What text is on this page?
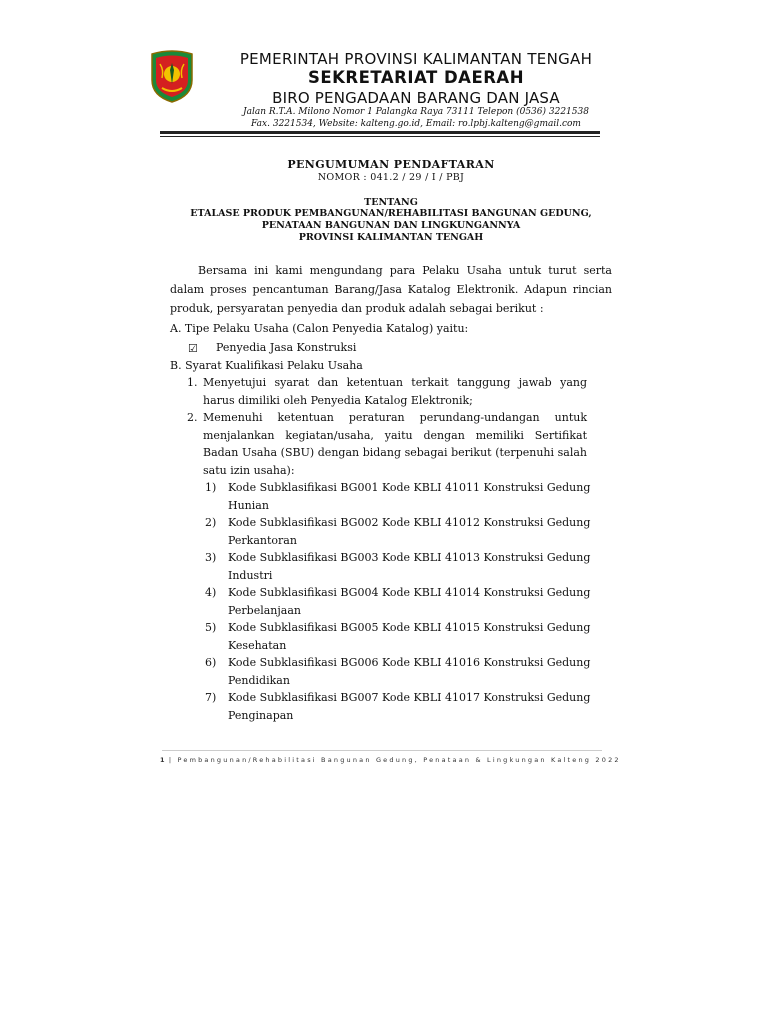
PEMERINTAH PROVINSI KALIMANTAN TENGAH
SEKRETARIAT DAERAH
BIRO PENGADAAN BARANG DAN JASA
Jalan R.T.A. Milono Nomor 1 Palangka Raya 73111 Telepon (0536) 3221538
Fax. 3221534, Website: kalteng.go.id, Email: ro.lpbj.kalteng@gmail.com
PENGUMUMAN PENDAFTARAN
NOMOR : 041.2 / 29 / I / PBJ
TENTANG
ETALASE PRODUK PEMBANGUNAN/REHABILITASI BANGUNAN GEDUNG,
PENATAAN BANGUNAN DAN LINGKUNGANNYA
PROVINSI KALIMANTAN TENGAH

Bersama ini kami mengundang para Pelaku Usaha untuk turut serta dalam proses pencantuman Barang/Jasa Katalog Elektronik. Adapun rincian produk, persyaratan penyedia dan produk adalah sebagai berikut :

A. Tipe Pelaku Usaha (Calon Penyedia Katalog) yaitu:
☑ Penyedia Jasa Konstruksi
B. Syarat Kualifikasi Pelaku Usaha
1. Menyetujui syarat dan ketentuan terkait tanggung jawab yang harus dimiliki oleh Penyedia Katalog Elektronik;
2. Memenuhi ketentuan peraturan perundang-undangan untuk menjalankan kegiatan/usaha, yaitu dengan memiliki Sertifikat Badan Usaha (SBU) dengan bidang sebagai berikut (terpenuhi salah satu izin usaha):
1) Kode Subklasifikasi BG001 Kode KBLI 41011 Konstruksi Gedung
Hunian
2) Kode Subklasifikasi BG002 Kode KBLI 41012 Konstruksi Gedung
Perkantoran
3) Kode Subklasifikasi BG003 Kode KBLI 41013 Konstruksi Gedung
Industri
4) Kode Subklasifikasi BG004 Kode KBLI 41014 Konstruksi Gedung
Perbelanjaan
5) Kode Subklasifikasi BG005 Kode KBLI 41015 Konstruksi Gedung
Kesehatan
6) Kode Subklasifikasi BG006 Kode KBLI 41016 Konstruksi Gedung
Pendidikan
7) Kode Subklasifikasi BG007 Kode KBLI 41017 Konstruksi Gedung
Penginapan
1 | Pembangunan/Rehabilitasi Bangunan Gedung, Penataan & Lingkungan Kalteng 2022
